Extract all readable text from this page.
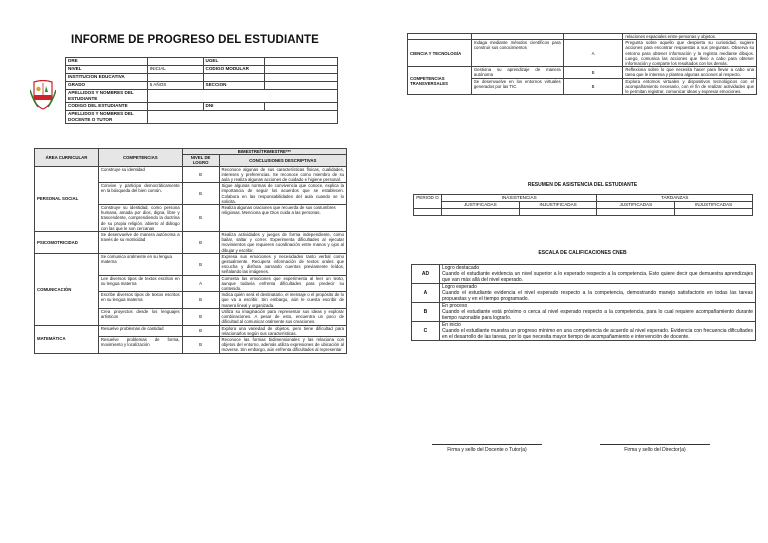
INFORME DE PROGRESO DEL ESTUDIANTE
DRE		UGEL	
NIVEL	INICIAL	CODIGO MODULAR	
INSTITUCION EDUCATIVA			
GRADO	5 AÑOS	SECCION	
APELLIDOS Y NOMBRES DEL ESTUDIANTE			
CODIGO DEL ESTUDIANTE		DNI	
APELLIDOS Y NOMBRES DEL DOCENTE O TUTOR			
ÁREA CURRICULAR	COMPETENCIAS	BIMESTRE/TRIMESTRE***	
		NIVEL DE LOGRO	CONCLUSIONES DESCRIPTIVAS
PERSONAL SOCIAL	Construye su identidad	B	Reconoce algunas de sus características físicas, cualidades, intereses y preferencias. Se reconoce como miembro de su aula y realiza algunas acciones de cuidado e higiene personal.
	Convive y participa democráticamente en la búsqueda del bien común.	B	Sigue algunas normas de convivencia que conoce, explica la importancia de seguir los acuerdos que se establecen. Colabora en las responsabilidades del aula cuando se lo solicita.
	Construye su identidad, como persona humana, amada por dios, digna, libre y trascendente, comprendiendo la doctrina de su propia religión, abierto al diálogo con las que le son cercanas	B	Realiza algunas oraciones que recuerda de sus costumbres religiosas. Menciona que Dios cuida a las personas.
PSICOMOTRICIDAD	Se desenvuelve de manera autónoma a través de su motricidad	B	Realiza actividades y juegos de forma independiente, como bailar, saltar y correr. Experimenta dificultades al ejecutar movimientos que requieren coordinación entre manos y ojos al dibujar y escribir.
COMUNICACIÓN	Se comunica oralmente en su lengua materna	B	Expresa sus emociones y necesidades tanto verbal como gestualmente. Recupera información de textos orales que escucha y disfruta narrando cuentos previamente leídos, señalando las imágenes.
	Lee diversos tipos de textos escritos en su lengua materna	A	Comenta las emociones que experimenta al leer un texto, aunque todavía enfrenta dificultades para predecir su contenido.
	Escribe diversos tipos de textos escritos en su lengua materna	B	Indica quién será el destinatario, el mensaje o el propósito de lo que va a escribir. Sin embargo, aún le cuesta escribir de manera lineal y organizada.
	Crea proyectos desde los lenguajes artísticos	B	Utiliza su imaginación para representar sus ideas y explorar combinaciones. A pesar de esto, encuentra un poco de dificultad al comunicar oralmente sus creaciones.
MATEMÁTICA	Resuelve problemas de cantidad	B	Explora una variedad de objetos, pero tiene dificultad para relacionarlos según sus características.
	Resuelve problemas de forma, movimiento y localización	B	Reconoce las formas bidimensionales y las relaciona con objetos del entorno, además utiliza expresiones de ubicación al moverse. Sin embargo, aún enfrenta dificultades al representar
			relaciones espaciales entre personas y objetos.
CIENCIA Y TECNOLOGÍA	Indaga mediante métodos científicos para construir sus conocimientos	A	Pregunta sobre aquello que despierta su curiosidad, sugiere acciones para encontrar respuestas a sus preguntas. Observa su entorno para obtener información y la registra mediante dibujos. Luego, comunica las acciones que llevó a cabo para obtener información y comparte los resultados con los demás.
COMPETENCIAS TRANSVERSALES	Gestiona su aprendizaje de manera autónoma	B	Reflexiona sobre lo que necesita hacer para llevar a cabo una tarea que le interesa y plantea algunas acciones al respecto.
	Se desenvuelve en los entornos virtuales generados por las TIC	B	Explora entornos virtuales y dispositivos tecnológicos con el acompañamiento necesario, con el fin de realizar actividades que le permitan registrar, comunicar ideas y expresar emociones.
RESUMEN DE ASISTENCIA DEL ESTUDIANTE
PERIOD O	INASISTENCIAS		TARDANZAS	
	JUSTIFICADAS	INJUSTIFICADAS	JUSTIFICADAS	INJUSTIFICADAS

ESCALA DE CALIFICACIONES CNEB
AD	Logro destacado
Cuando el estudiante evidencia un nivel superior a lo esperado respecto a la competencia. Esto quiere decir que demuestra aprendizajes que van más allá del nivel esperado.

A	Logro esperado
Cuando el estudiante evidencia el nivel esperado respecto a la competencia, demostrando manejo satisfactorio en todas las tareas propuestas y en el tiempo programado.

B	En proceso
Cuando el estudiante está próximo o cerca al nivel esperado respecto a la competencia, para lo cual requiere acompañamiento durante tiempo razonable para lograrlo.

C	En inicio
Cuando el estudiante muestra un progreso mínimo en una competencia de acuerdo al nivel esperado. Evidencia con frecuencia dificultades en el desarrollo de las tareas, por lo que necesita mayor tiempo de acompañamiento e intervención de docente.
Firma y sello del Docente o Tutor(a)	Firma y sello del Director(a)
